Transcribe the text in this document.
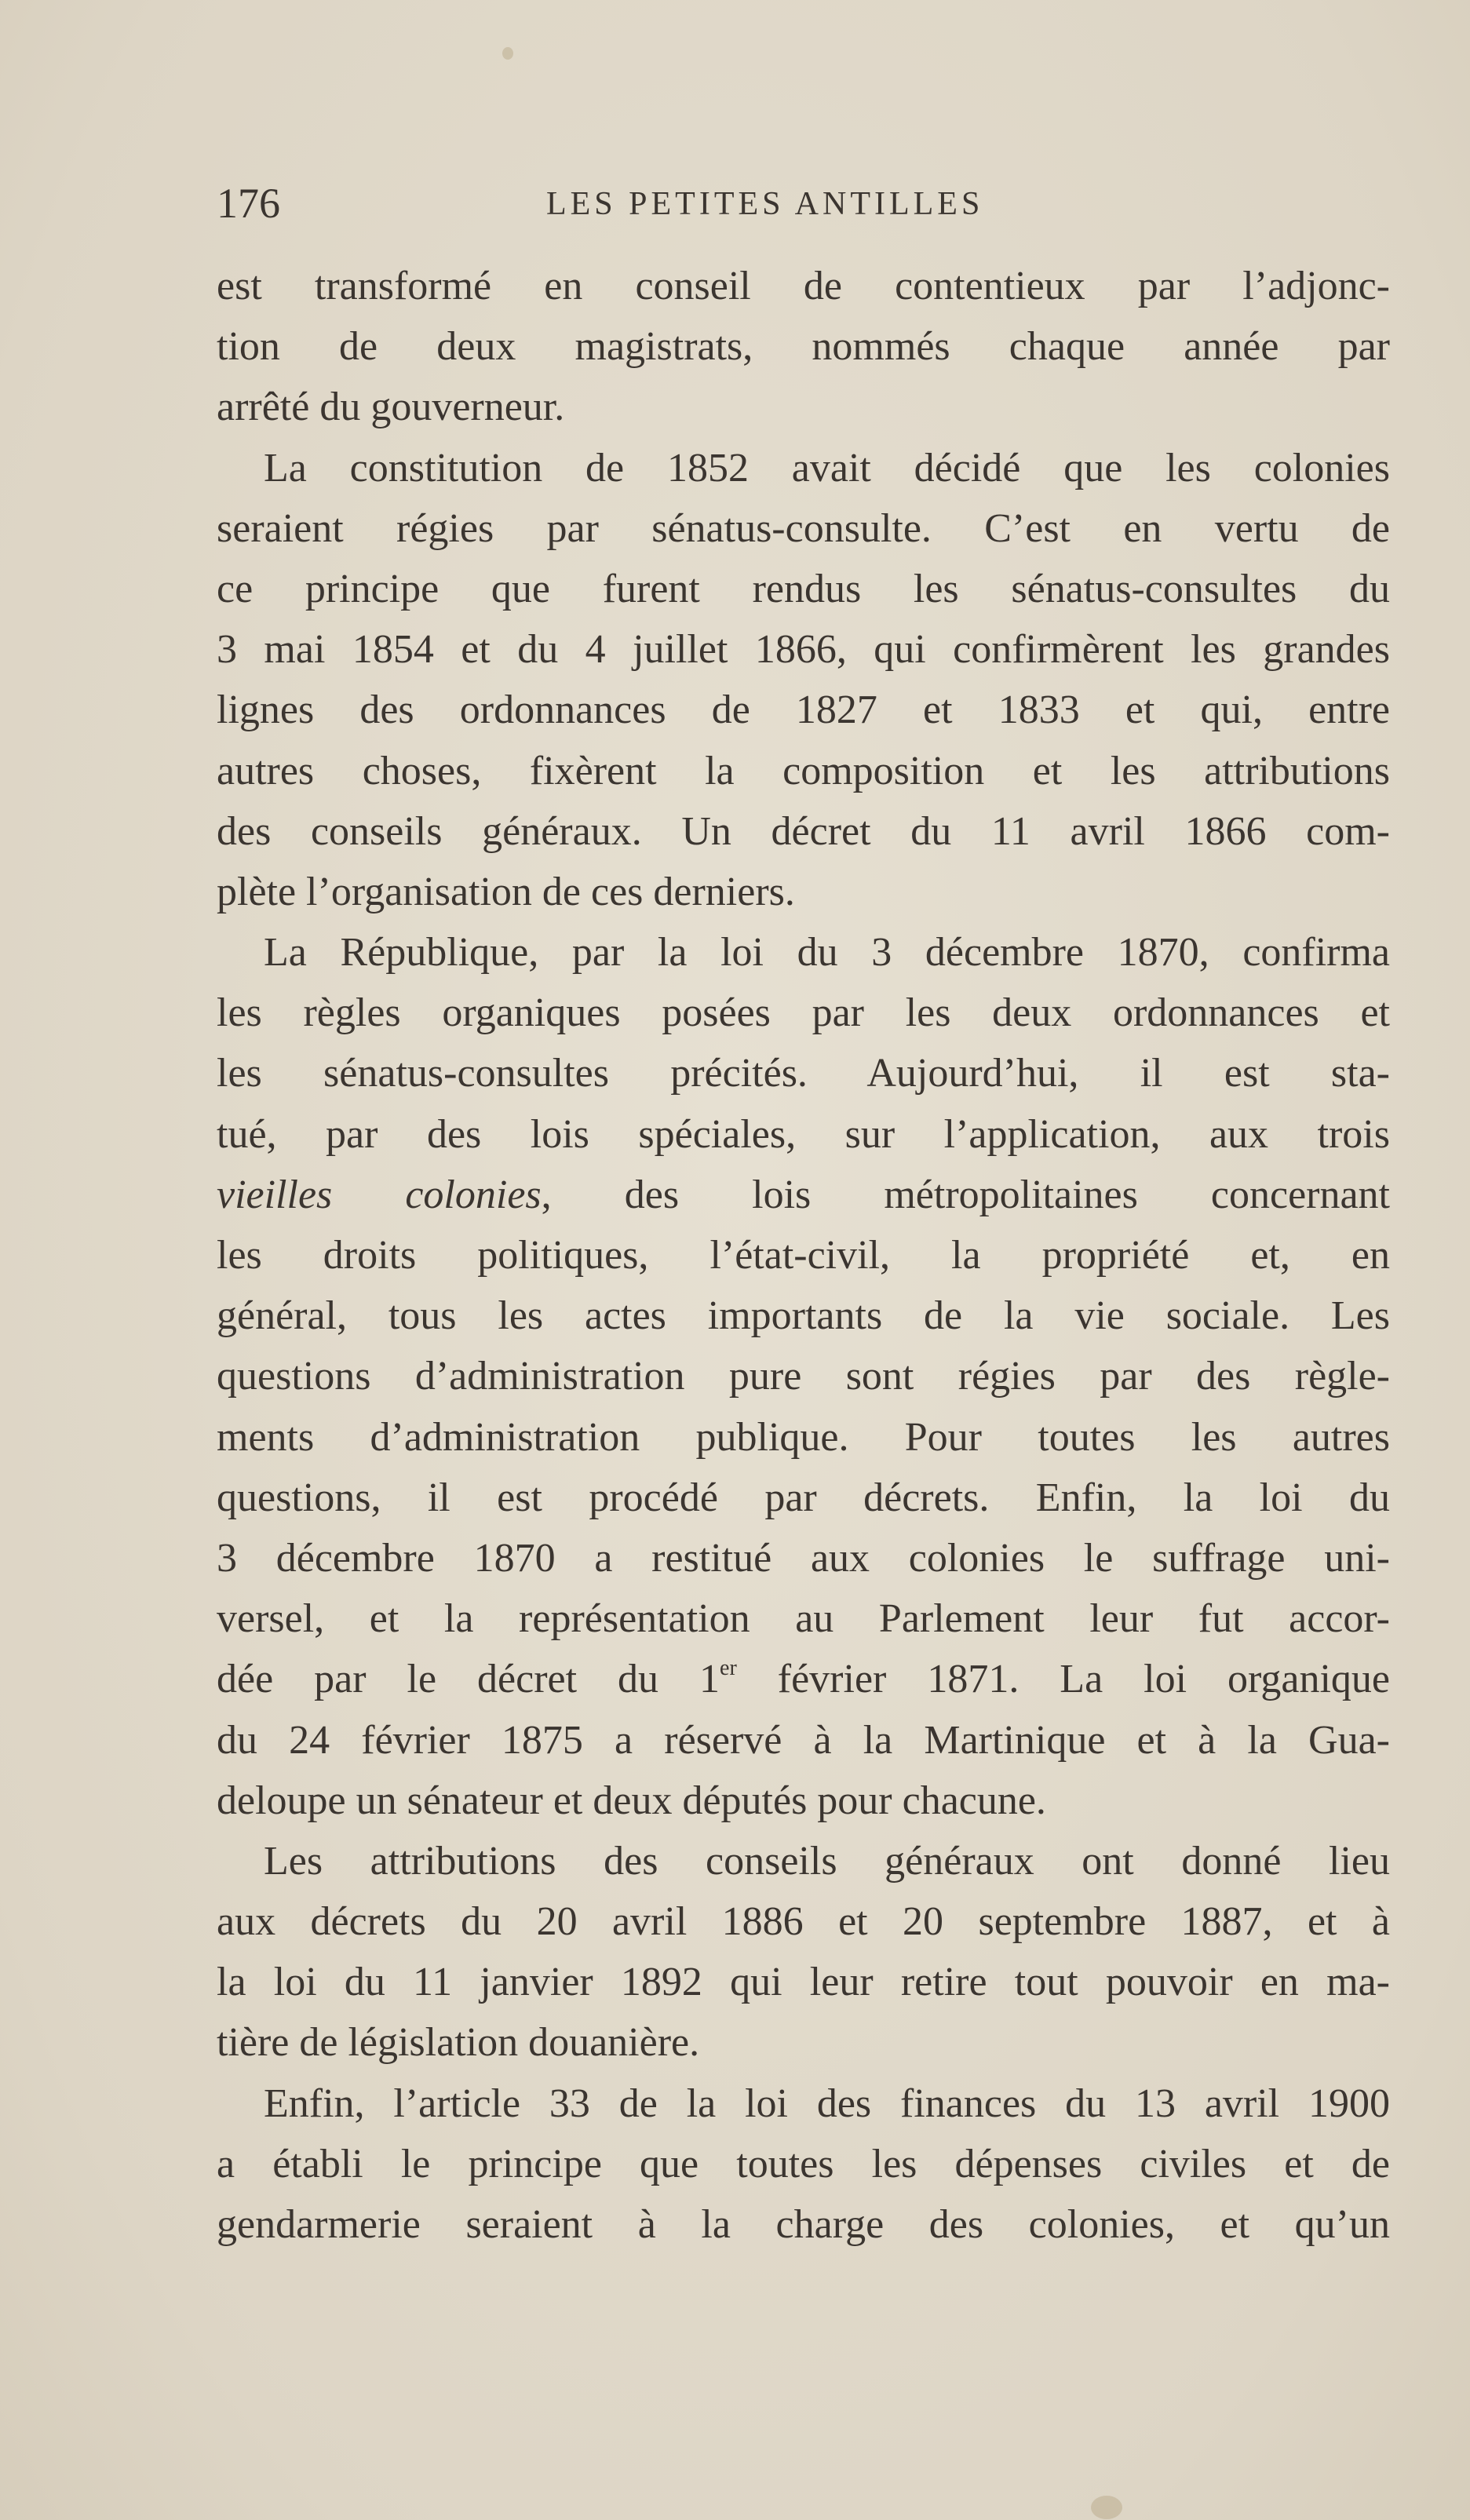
176	LES PETITES ANTILLES
est transformé en conseil de contentieux par l’adjonc-
tion de deux magistrats, nommés chaque année par
arrêté du gouverneur.
La constitution de 1852 avait décidé que les colonies
seraient régies par sénatus-consulte. C’est en vertu de
ce principe que furent rendus les sénatus-consultes du
3 mai 1854 et du 4 juillet 1866, qui confirmèrent les grandes
lignes des ordonnances de 1827 et 1833 et qui, entre
autres choses, fixèrent la composition et les attributions
des conseils généraux. Un décret du 11 avril 1866 com-
plète l’organisation de ces derniers.
La République, par la loi du 3 décembre 1870, confirma
les règles organiques posées par les deux ordonnances et
les sénatus-consultes précités. Aujourd’hui, il est sta-
tué, par des lois spéciales, sur l’application, aux trois
vieilles colonies, des lois métropolitaines concernant
les droits politiques, l’état-civil, la propriété et, en
général, tous les actes importants de la vie sociale. Les
questions d’administration pure sont régies par des règle-
ments d’administration publique. Pour toutes les autres
questions, il est procédé par décrets. Enfin, la loi du
3 décembre 1870 a restitué aux colonies le suffrage uni-
versel, et la représentation au Parlement leur fut accor-
dée par le décret du 1er février 1871. La loi organique
du 24 février 1875 a réservé à la Martinique et à la Gua-
deloupe un sénateur et deux députés pour chacune.
Les attributions des conseils généraux ont donné lieu
aux décrets du 20 avril 1886 et 20 septembre 1887, et à
la loi du 11 janvier 1892 qui leur retire tout pouvoir en ma-
tière de législation douanière.
Enfin, l’article 33 de la loi des finances du 13 avril 1900
a établi le principe que toutes les dépenses civiles et de
gendarmerie seraient à la charge des colonies, et qu’un
